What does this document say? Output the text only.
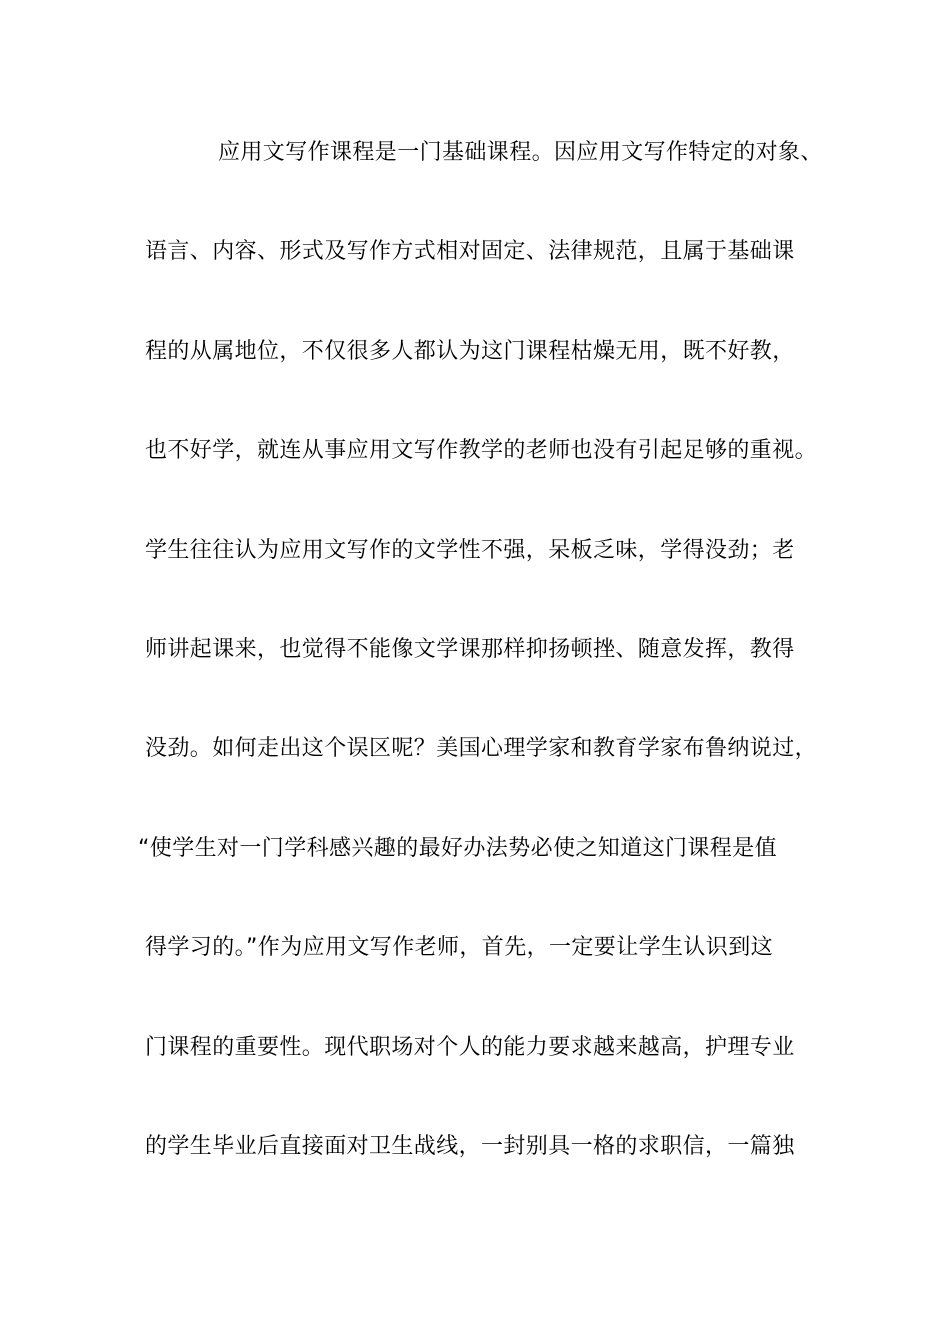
应用文写作课程是一门基础课程。因应用文写作特定的对象、
语言、内容、形式及写作方式相对固定、法律规范，且属于基础课
程的从属地位，不仅很多人都认为这门课程枯燥无用，既不好教，
也不好学，就连从事应用文写作教学的老师也没有引起足够的重视。
学生往往认为应用文写作的文学性不强，呆板乏味，学得没劲；老
师讲起课来，也觉得不能像文学课那样抑扬顿挫、随意发挥，教得
没劲。如何走出这个误区呢？美国心理学家和教育学家布鲁纳说过，
“使学生对一门学科感兴趣的最好办法势必使之知道这门课程是值
得学习的。”作为应用文写作老师，首先，一定要让学生认识到这
门课程的重要性。现代职场对个人的能力要求越来越高，护理专业
的学生毕业后直接面对卫生战线，一封别具一格的求职信，一篇独
